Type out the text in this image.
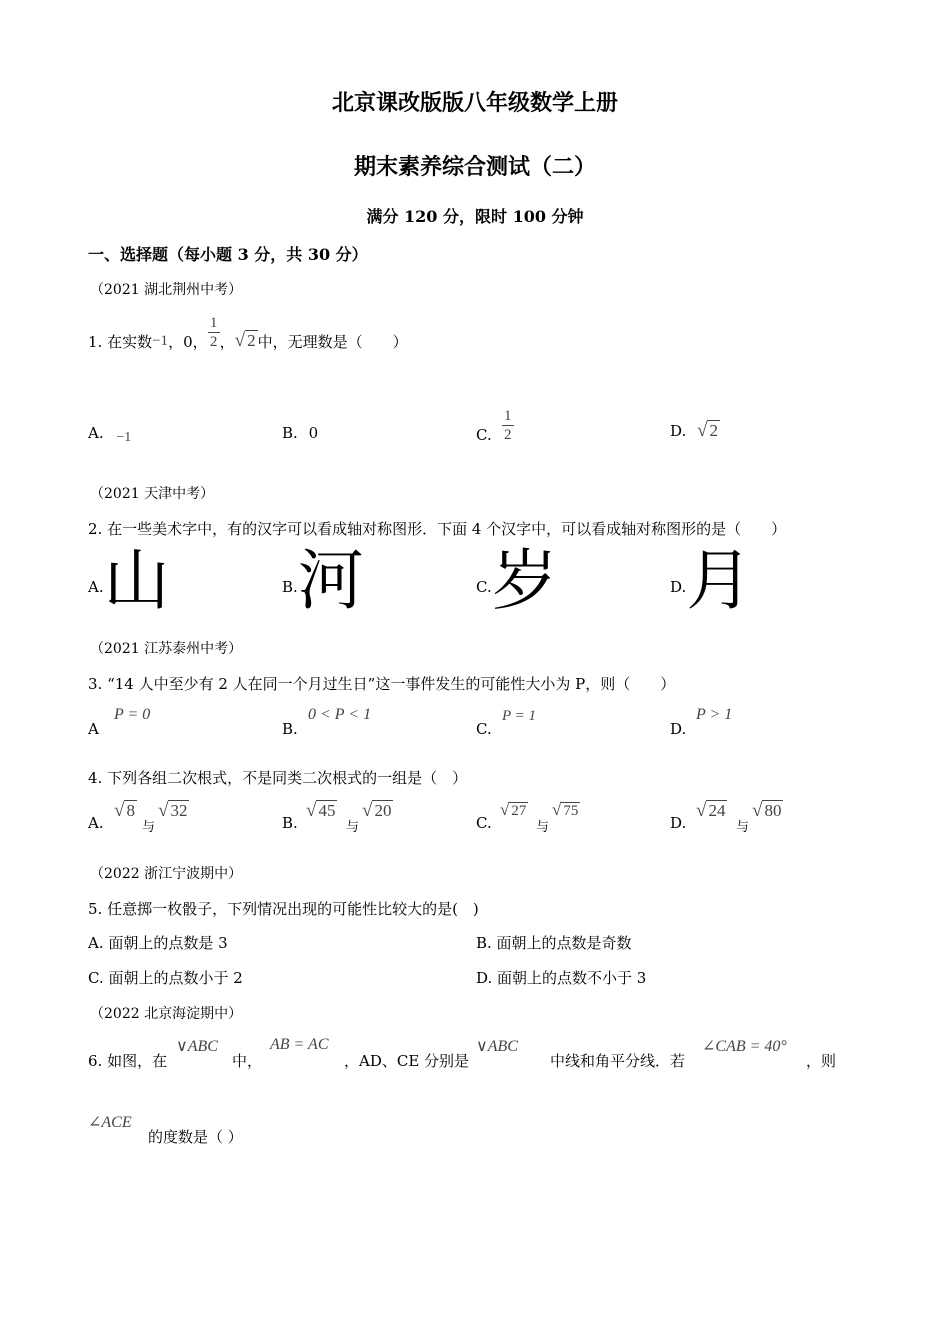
北京课改版版八年级数学上册
期末素养综合测试（二）
满分 120 分，限时 100 分钟
一、选择题（每小题 3 分，共 30 分）
（2021 湖北荆州中考）
1. 在实数 −1 ，0， $\frac{1}{2}$ ， √ 2 中，无理数是（　　）
A. −1	B. 0	C. $\frac{1}{2}$	D. √ 2
（2021 天津中考）
2. 在一些美术字中，有的汉字可以看成轴对称图形．下面 4 个汉字中，可以看成轴对称图形的是（　　）
A. 山	B. 河	C. 岁	D. 月
（2021 江苏泰州中考）
3. “14 人中至少有 2 人在同一个月过生日”这一事件发生的可能性大小为 P，则（　　）
A
P = 0
B.
0 < P < 1
C.
P = 1
D.
P > 1
4. 下列各组二次根式，不是同类二次根式的一组是（　）
A.
√ 8
与
√ 32
B.
√ 45
与
√ 20
C.
√ 27
与
√ 75
D.
√ 24
与
√ 80
（2022 浙江宁波期中）
5. 任意掷一枚骰子，下列情况出现的可能性比较大的是(　)
A. 面朝上的点数是 3	B. 面朝上的点数是奇数
C. 面朝上的点数小于 2	D. 面朝上的点数不小于 3
（2022 北京海淀期中）
6. 如图，在
∨ABC
中，
AB = AC
，AD、CE 分别是
∨ABC
中线和角平分线．若
∠CAB = 40°
，则
∠ACE
的度数是（ ）
